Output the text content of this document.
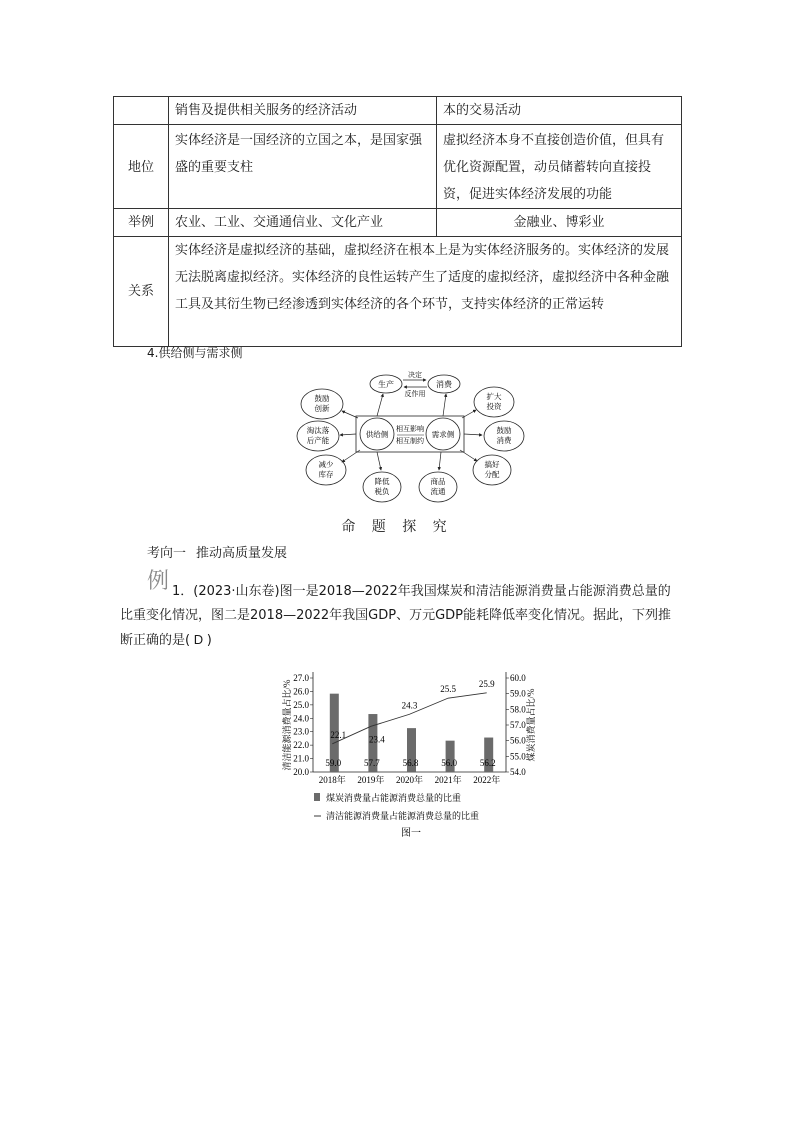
	销售及提供相关服务的经济活动	本的交易活动
地位	实体经济是一国经济的立国之本，是国家强盛的重要支柱	虚拟经济本身不直接创造价值，但具有优化资源配置，动员储蓄转向直接投资，促进实体经济发展的功能
举例	农业、工业、交通通信业、文化产业	金融业、博彩业
关系	实体经济是虚拟经济的基础，虚拟经济在根本上是为实体经济服务的。实体经济的发展无法脱离虚拟经济。实体经济的良性运转产生了适度的虚拟经济，虚拟经济中各种金融工具及其衍生物已经渗透到实体经济的各个环节，支持实体经济的正常运转	
4.供给侧与需求侧
生产	消费
决定
反作用
供给侧	需求侧
相互影响
相互制约
鼓励
创新
淘汰落
后产能
减少
库存
降低
税负
扩大
投资
鼓励
消费
搞好
分配
商品
流通
命 题 探 究
考向一 推动高质量发展
例 1．(2023·山东卷)图一是2018—2022年我国煤炭和清洁能源消费量占能源消费总量的比重变化情况，图二是2018—2022年我国GDP、万元GDP能耗降低率变化情况。据此，下列推断正确的是( D )
20.0
21.0
22.0
23.0
24.0
25.0
26.0
27.0
54.0
55.0
56.0
57.0
58.0
59.0
60.0
清洁能源消费量占比/%	煤炭消费量占比/%
59.0
2018年
57.7
2019年
56.8
2020年
56.0
2021年
56.2
2022年
22.1	23.4
24.3
25.5
25.9
煤炭消费量占能源消费总量的比重
清洁能源消费量占能源消费总量的比重
图一
